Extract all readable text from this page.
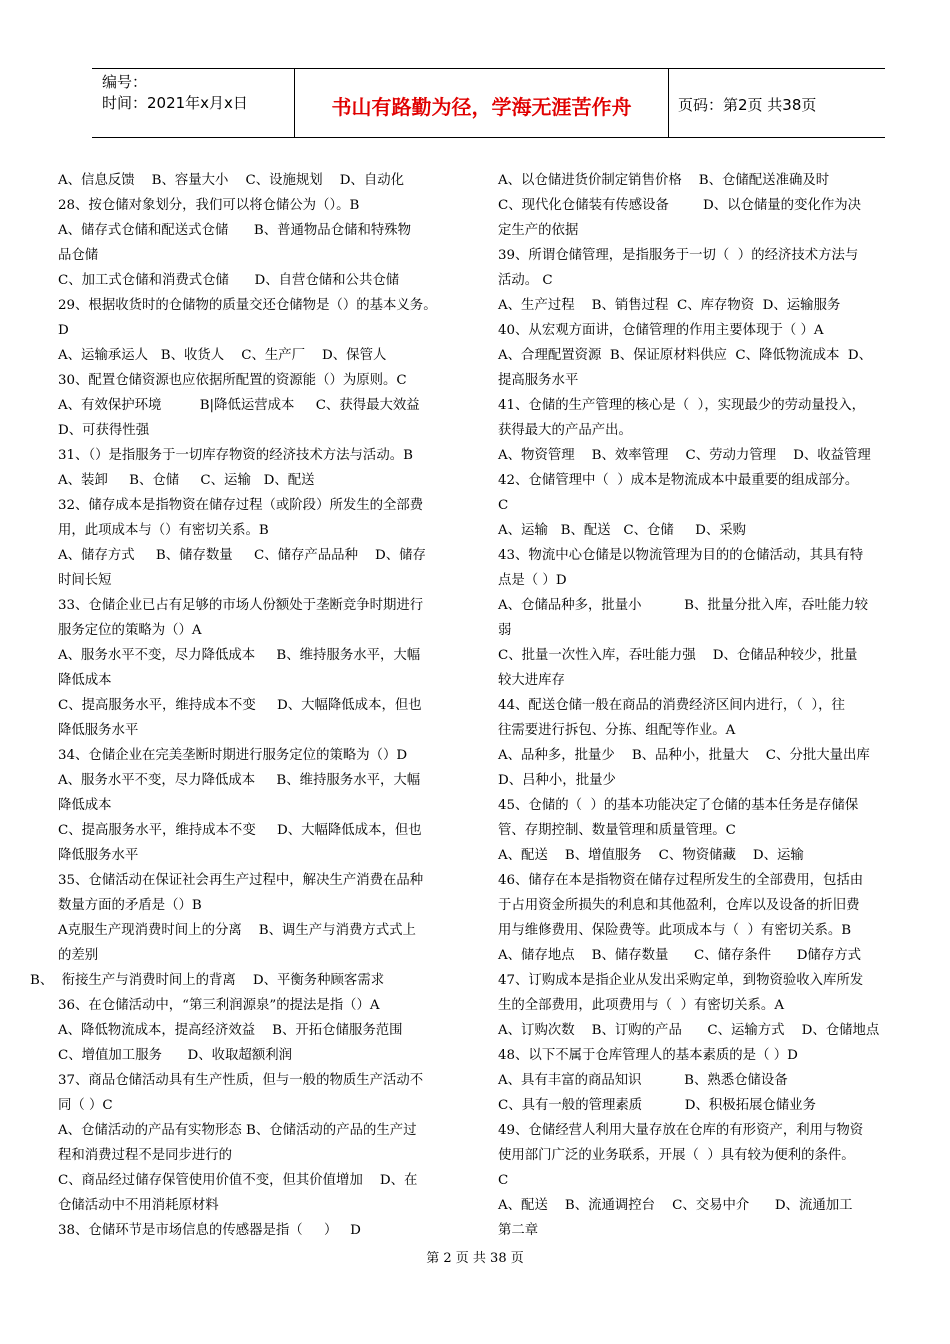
编号：
时间：2021年x月x日	书山有路勤为径，学海无涯苦作舟	页码：第2页 共38页
A、信息反馈    B、容量大小    C、设施规划    D、自动化
28、按仓储对象划分，我们可以将仓储公为（）。B
A、储存式仓储和配送式仓储      B、普通物品仓储和特殊物
品仓储
C、加工式仓储和消费式仓储      D、自营仓储和公共仓储
29、根据收货时的仓储物的质量交还仓储物是（）的基本义务。
D
A、运输承运人   B、收货人    C、生产厂    D、保管人
30、配置仓储资源也应依据所配置的资源能（）为原则。C
A、有效保护环境         B|降低运营成本     C、获得最大效益
D、可获得性强
31、（）是指服务于一切库存物资的经济技术方法与活动。B
A、装卸     B、仓储     C、运输   D、配送
32、储存成本是指物资在储存过程（或阶段）所发生的全部费
用，此项成本与（）有密切关系。B
A、储存方式     B、储存数量     C、储存产品品种    D、储存
时间长短
33、仓储企业已占有足够的市场人份额处于垄断竞争时期进行
服务定位的策略为（）A
A、服务水平不变，尽力降低成本     B、维持服务水平，大幅
降低成本
C、提高服务水平，维持成本不变     D、大幅降低成本，但也
降低服务水平
34、仓储企业在完美垄断时期进行服务定位的策略为（）D
A、服务水平不变，尽力降低成本     B、维持服务水平，大幅
降低成本
C、提高服务水平，维持成本不变     D、大幅降低成本，但也
降低服务水平
35、仓储活动在保证社会再生产过程中，解决生产消费在品种
数量方面的矛盾是（）B
A克服生产现消费时间上的分离    B、调生产与消费方式式上
的差别
B、  衔接生产与消费时间上的背离    D、平衡务种顾客需求
36、在仓储活动中，“第三利润源泉”的提法是指（）A
A、降低物流成本，提高经济效益    B、开拓仓储服务范围
C、增值加工服务      D、收取超额利润
37、商品仓储活动具有生产性质，但与一般的物质生产活动不
同（ ）C
A、仓储活动的产品有实物形态 B、仓储活动的产品的生产过
程和消费过程不是同步进行的
C、商品经过储存保管使用价值不变，但其价值增加    D、在
仓储活动中不用消耗原材料
38、仓储环节是市场信息的传感器是指（     ）   D
A、以仓储进货价制定销售价格    B、仓储配送准确及时
C、现代化仓储装有传感设备        D、以仓储量的变化作为决
定生产的依据
39、所谓仓储管理，是指服务于一切（  ）的经济技术方法与
活动。 C
A、生产过程    B、销售过程  C、库存物资  D、运输服务
40、从宏观方面讲，仓储管理的作用主要体现于（ ）A
A、合理配置资源  B、保证原材料供应  C、降低物流成本  D、
提高服务水平
41、仓储的生产管理的核心是（  ），实现最少的劳动量投入，
获得最大的产品产出。
A、物资管理    B、效率管理    C、劳动力管理    D、收益管理
42、仓储管理中（  ）成本是物流成本中最重要的组成部分。
C
A、运输   B、配送   C、仓储     D、采购
43、物流中心仓储是以物流管理为目的的仓储活动，其具有特
点是（ ）D
A、仓储品种多，批量小          B、批量分批入库，吞吐能力较
弱
C、批量一次性入库，吞吐能力强    D、仓储品种较少，批量
较大进库存
44、配送仓储一般在商品的消费经济区间内进行，（  ），往
往需要进行拆包、分拣、组配等作业。A
A、品种多，批量少    B、品种小，批量大    C、分批大量出库
D、吕种小，批量少
45、仓储的（  ）的基本功能决定了仓储的基本任务是存储保
管、存期控制、数量管理和质量管理。C
A、配送    B、增值服务    C、物资储藏    D、运输
46、储存在本是指物资在储存过程所发生的全部费用，包括由
于占用资金所损失的利息和其他盈利，仓库以及设备的折旧费
用与维修费用、保险费等。此项成本与（  ）有密切关系。B
A、储存地点    B、储存数量      C、储存条件      D储存方式
47、订购成本是指企业从发出采购定单，到物资验收入库所发
生的全部费用，此项费用与（  ）有密切关系。A
A、订购次数    B、订购的产品      C、运输方式    D、仓储地点
48、以下不属于仓库管理人的基本素质的是（ ）D
A、具有丰富的商品知识          B、熟悉仓储设备
C、具有一般的管理素质          D、积极拓展仓储业务
49、仓储经营人利用大量存放在仓库的有形资产，利用与物资
使用部门广泛的业务联系，开展（  ）具有较为便利的条件。
C
A、配送    B、流通调控台    C、交易中介      D、流通加工
第二章
第 2 页 共 38 页
